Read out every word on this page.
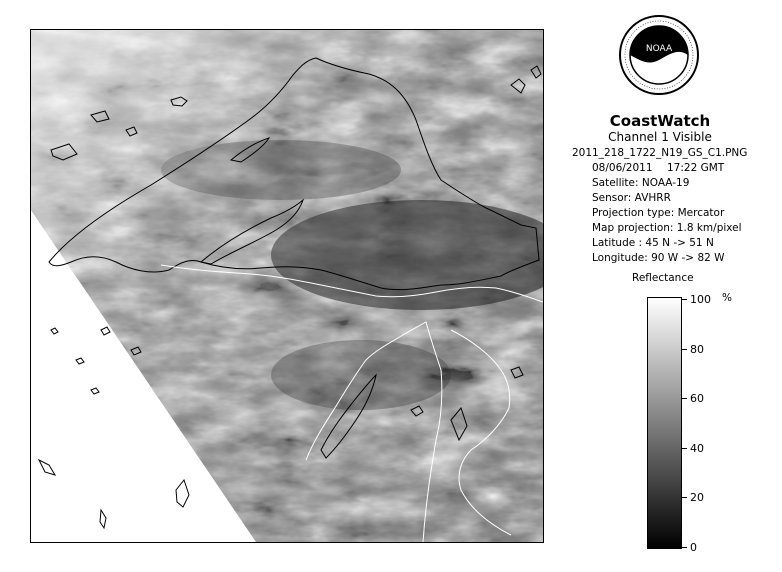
NOAA
CoastWatch
Channel 1 Visible
2011_218_1722_N19_GS_C1.PNG
08/06/2011 17:22 GMT
Satellite: NOAA-19
Sensor: AVHRR
Projection type: Mercator
Map projection: 1.8 km/pixel
Latitude : 45 N -> 51 N
Longitude: 90 W -> 82 W
Reflectance
%
100
80
60
40
20
0
